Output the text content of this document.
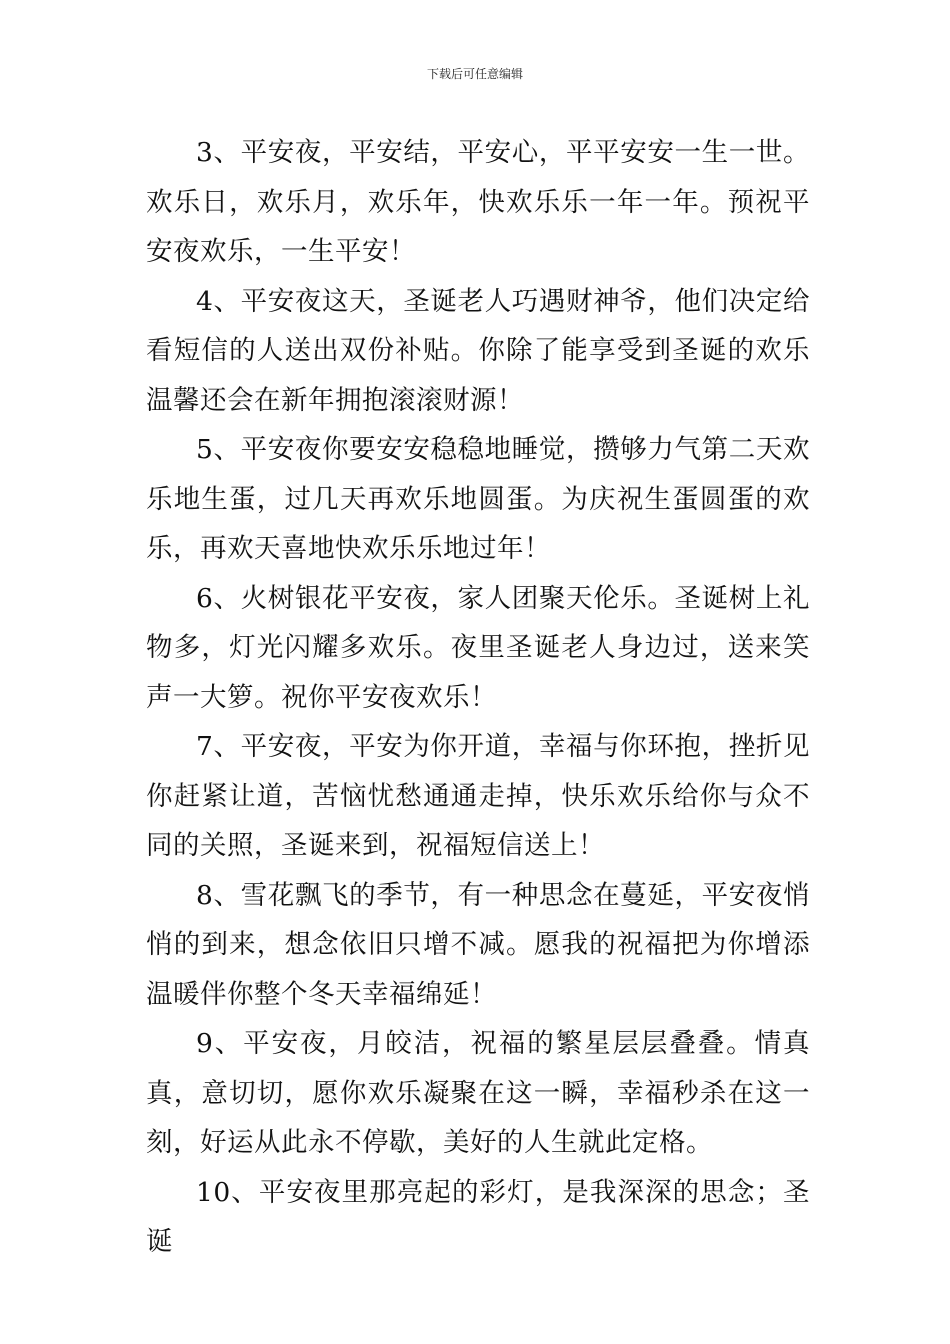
下载后可任意编辑

3、平安夜，平安结，平安心，平平安安一生一世。欢乐日，欢乐月，欢乐年，快欢乐乐一年一年。预祝平安夜欢乐，一生平安！

4、平安夜这天，圣诞老人巧遇财神爷，他们决定给看短信的人送出双份补贴。你除了能享受到圣诞的欢乐温馨还会在新年拥抱滚滚财源！

5、平安夜你要安安稳稳地睡觉，攒够力气第二天欢乐地生蛋，过几天再欢乐地圆蛋。为庆祝生蛋圆蛋的欢乐，再欢天喜地快欢乐乐地过年！

6、火树银花平安夜，家人团聚天伦乐。圣诞树上礼物多，灯光闪耀多欢乐。夜里圣诞老人身边过，送来笑声一大箩。祝你平安夜欢乐！

7、平安夜，平安为你开道，幸福与你环抱，挫折见你赶紧让道，苦恼忧愁通通走掉，快乐欢乐给你与众不同的关照，圣诞来到，祝福短信送上！

8、雪花飘飞的季节，有一种思念在蔓延，平安夜悄悄的到来，想念依旧只增不减。愿我的祝福把为你增添温暖伴你整个冬天幸福绵延！

9、平安夜，月皎洁，祝福的繁星层层叠叠。情真真，意切切，愿你欢乐凝聚在这一瞬，幸福秒杀在这一刻，好运从此永不停歇，美好的人生就此定格。

10、平安夜里那亮起的彩灯，是我深深的思念；圣诞
